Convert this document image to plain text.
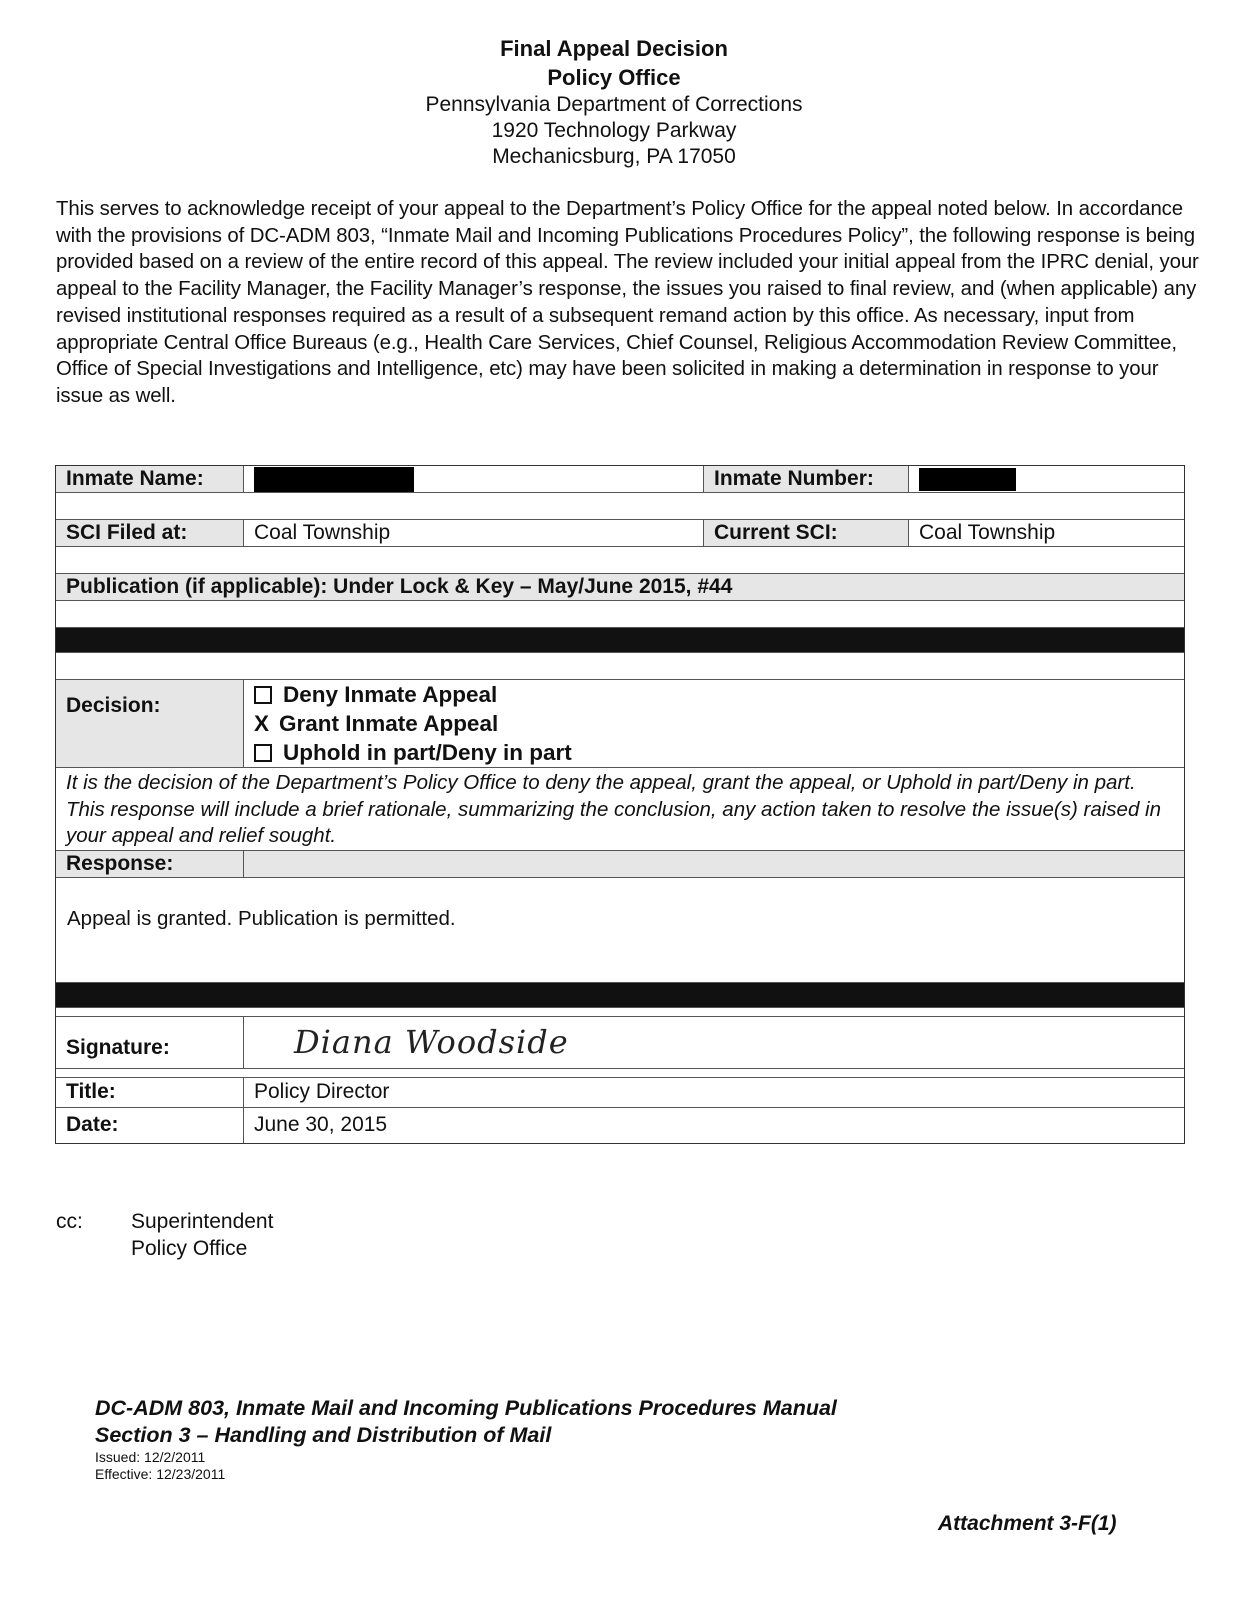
Final Appeal Decision
Policy Office
Pennsylvania Department of Corrections
1920 Technology Parkway
Mechanicsburg, PA 17050

This serves to acknowledge receipt of your appeal to the Department’s Policy Office for the appeal noted below. In accordance with the provisions of DC-ADM 803, “Inmate Mail and Incoming Publications Procedures Policy”, the following response is being provided based on a review of the entire record of this appeal. The review included your initial appeal from the IPRC denial, your appeal to the Facility Manager, the Facility Manager’s response, the issues you raised to final review, and (when applicable) any revised institutional responses required as a result of a subsequent remand action by this office. As necessary, input from appropriate Central Office Bureaus (e.g., Health Care Services, Chief Counsel, Religious Accommodation Review Committee, Office of Special Investigations and Intelligence, etc) may have been solicited in making a determination in response to your issue as well.

Inmate Name:	Inmate Number:
SCI Filed at:	Coal Township	Current SCI:	Coal Township
Publication (if applicable): Under Lock & Key – May/June 2015, #44
Decision:	Deny Inmate Appeal
X Grant Inmate Appeal
Uphold in part/Deny in part
It is the decision of the Department’s Policy Office to deny the appeal, grant the appeal, or Uphold in part/Deny in part. This response will include a brief rationale, summarizing the conclusion, any action taken to resolve the issue(s) raised in your appeal and relief sought.
Response:
Appeal is granted. Publication is permitted.
Signature:	Diana Woodside
Title:	Policy Director
Date:	June 30, 2015
cc:	Superintendent
Policy Office
DC-ADM 803, Inmate Mail and Incoming Publications Procedures Manual
Section 3 – Handling and Distribution of Mail
Issued: 12/2/2011
Effective: 12/23/2011
Attachment 3-F(1)
